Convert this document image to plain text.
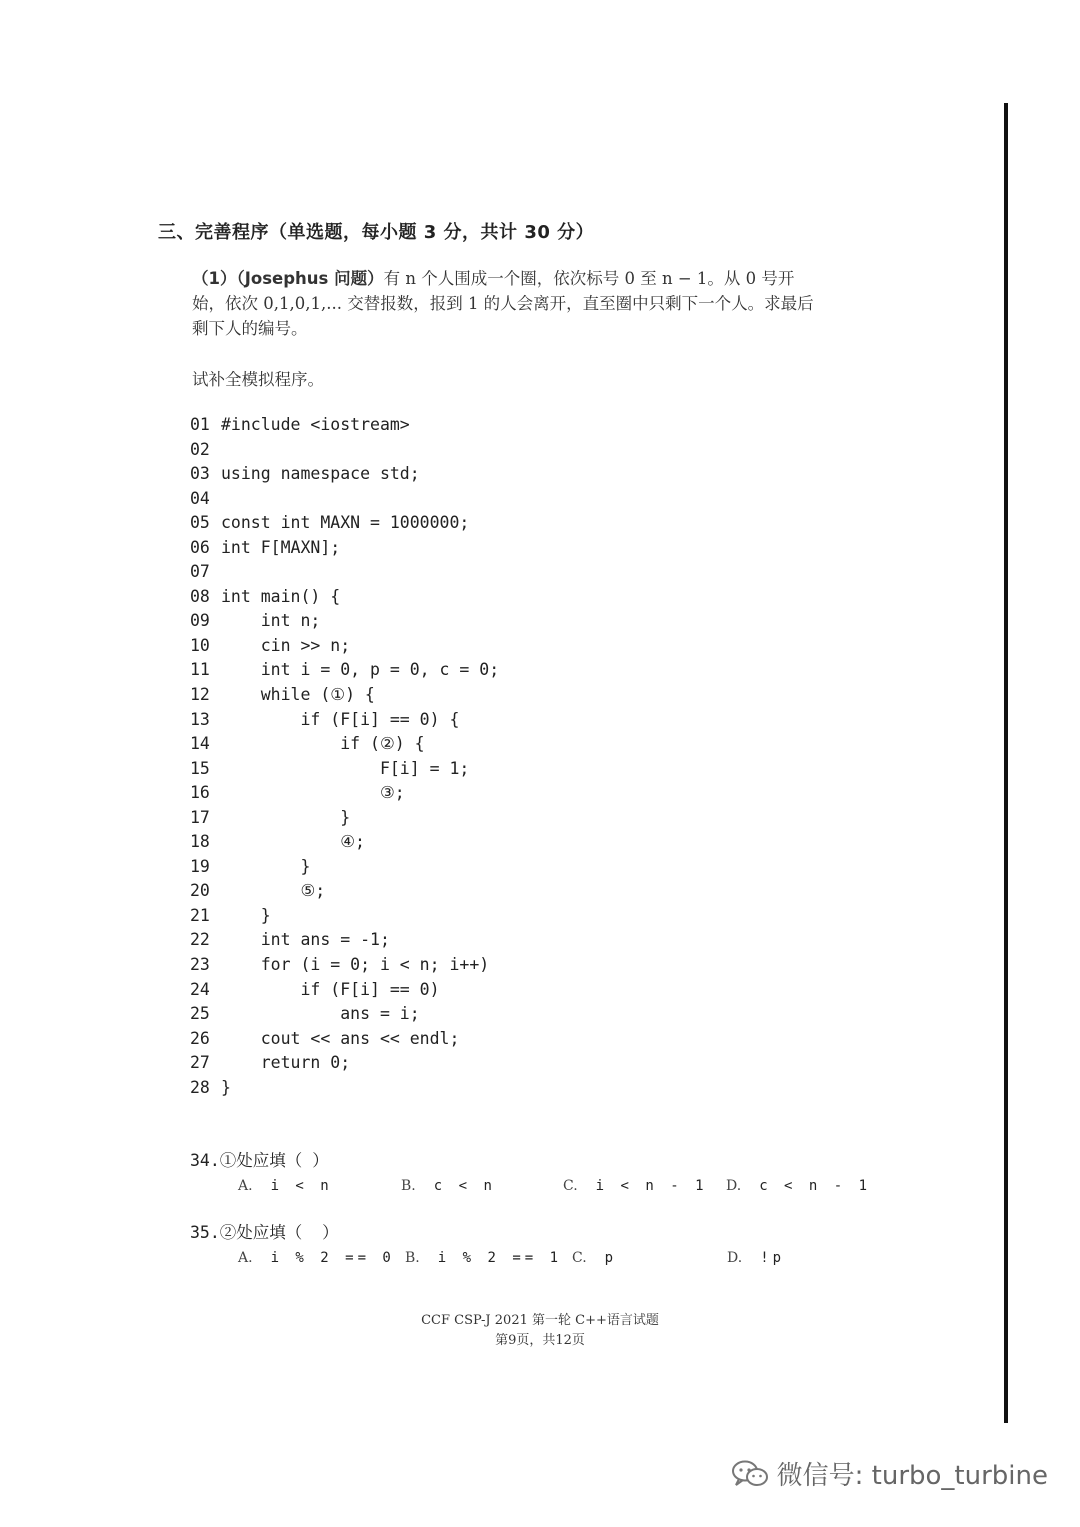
三、完善程序（单选题，每小题 3 分，共计 30 分）
（1）（Josephus 问题）有 n 个人围成一个圈，依次标号 0 至 n − 1。从 0 号开
始，依次 0,1,0,1,... 交替报数，报到 1 的人会离开，直至圈中只剩下一个人。求最后
剩下人的编号。
试补全模拟程序。
01 #include <iostream>
02
03 using namespace std;
04
05 const int MAXN = 1000000;
06 int F[MAXN];
07
08 int main() {
09    int n;
10    cin >> n;
11    int i = 0, p = 0, c = 0;
12    while (①) {
13        if (F[i] == 0) {
14            if (②) {
15                F[i] = 1;
16                ③;
17            }
18            ④;
19        }
20        ⑤;
21    }
22    int ans = -1;
23    for (i = 0; i < n; i++)
24        if (F[i] == 0)
25            ans = i;
26    cout << ans << endl;
27    return 0;
28 }
34.①处应填（ ）
A. i < n	B. c < n	C. i < n - 1 D. c < n - 1
35.②处应填（  ）
A. i % 2 == 0 B. i % 2 == 1 C. p	D. !p
CCF CSP-J 2021 第一轮 C++语言试题
第9页，共12页
微信号: turbo_turbine
